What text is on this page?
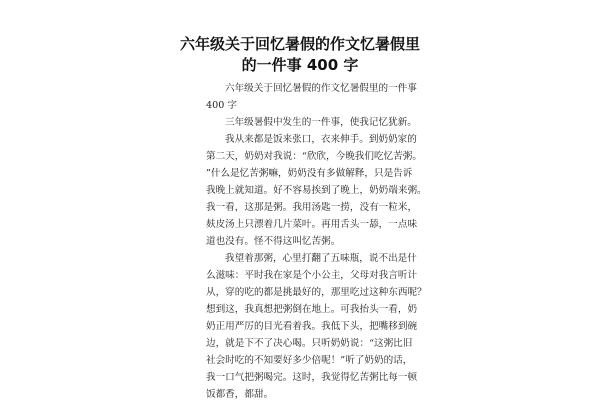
六年级关于回忆暑假的作文忆暑假里
的一件事 400 字
六年级关于回忆暑假的作文忆暑假里的一件事
400 字
三年级暑假中发生的一件事，使我记忆犹新。
我从来都是饭来张口，衣来伸手。到奶奶家的
第二天，奶奶对我说：“欣欣，今晚我们吃忆苦粥。
”什么是忆苦粥嘛，奶奶没有多做解释，只是告诉
我晚上就知道。好不容易挨到了晚上，奶奶端来粥。
我一看，这那是粥。我用汤匙一捞，没有一粒米，
麸皮汤上只漂着几片菜叶。再用舌头一舔，一点味
道也没有。怪不得这叫忆苦粥。
我望着那粥，心里打翻了五味瓶，说不出是什
么滋味：平时我在家是个小公主，父母对我言听计
从，穿的吃的都是挑最好的，那里吃过这种东西呢？
想到这，我真想把粥倒在地上。可我抬头一看，奶
奶正用严厉的目光看着我。我低下头，把嘴移到碗
边，就是下不了决心喝。只听奶奶说：“这粥比旧
社会时吃的不知要好多少倍呢！”听了奶奶的话，
我一口气把粥喝完。这时，我觉得忆苦粥比每一顿
饭都香，都甜。
